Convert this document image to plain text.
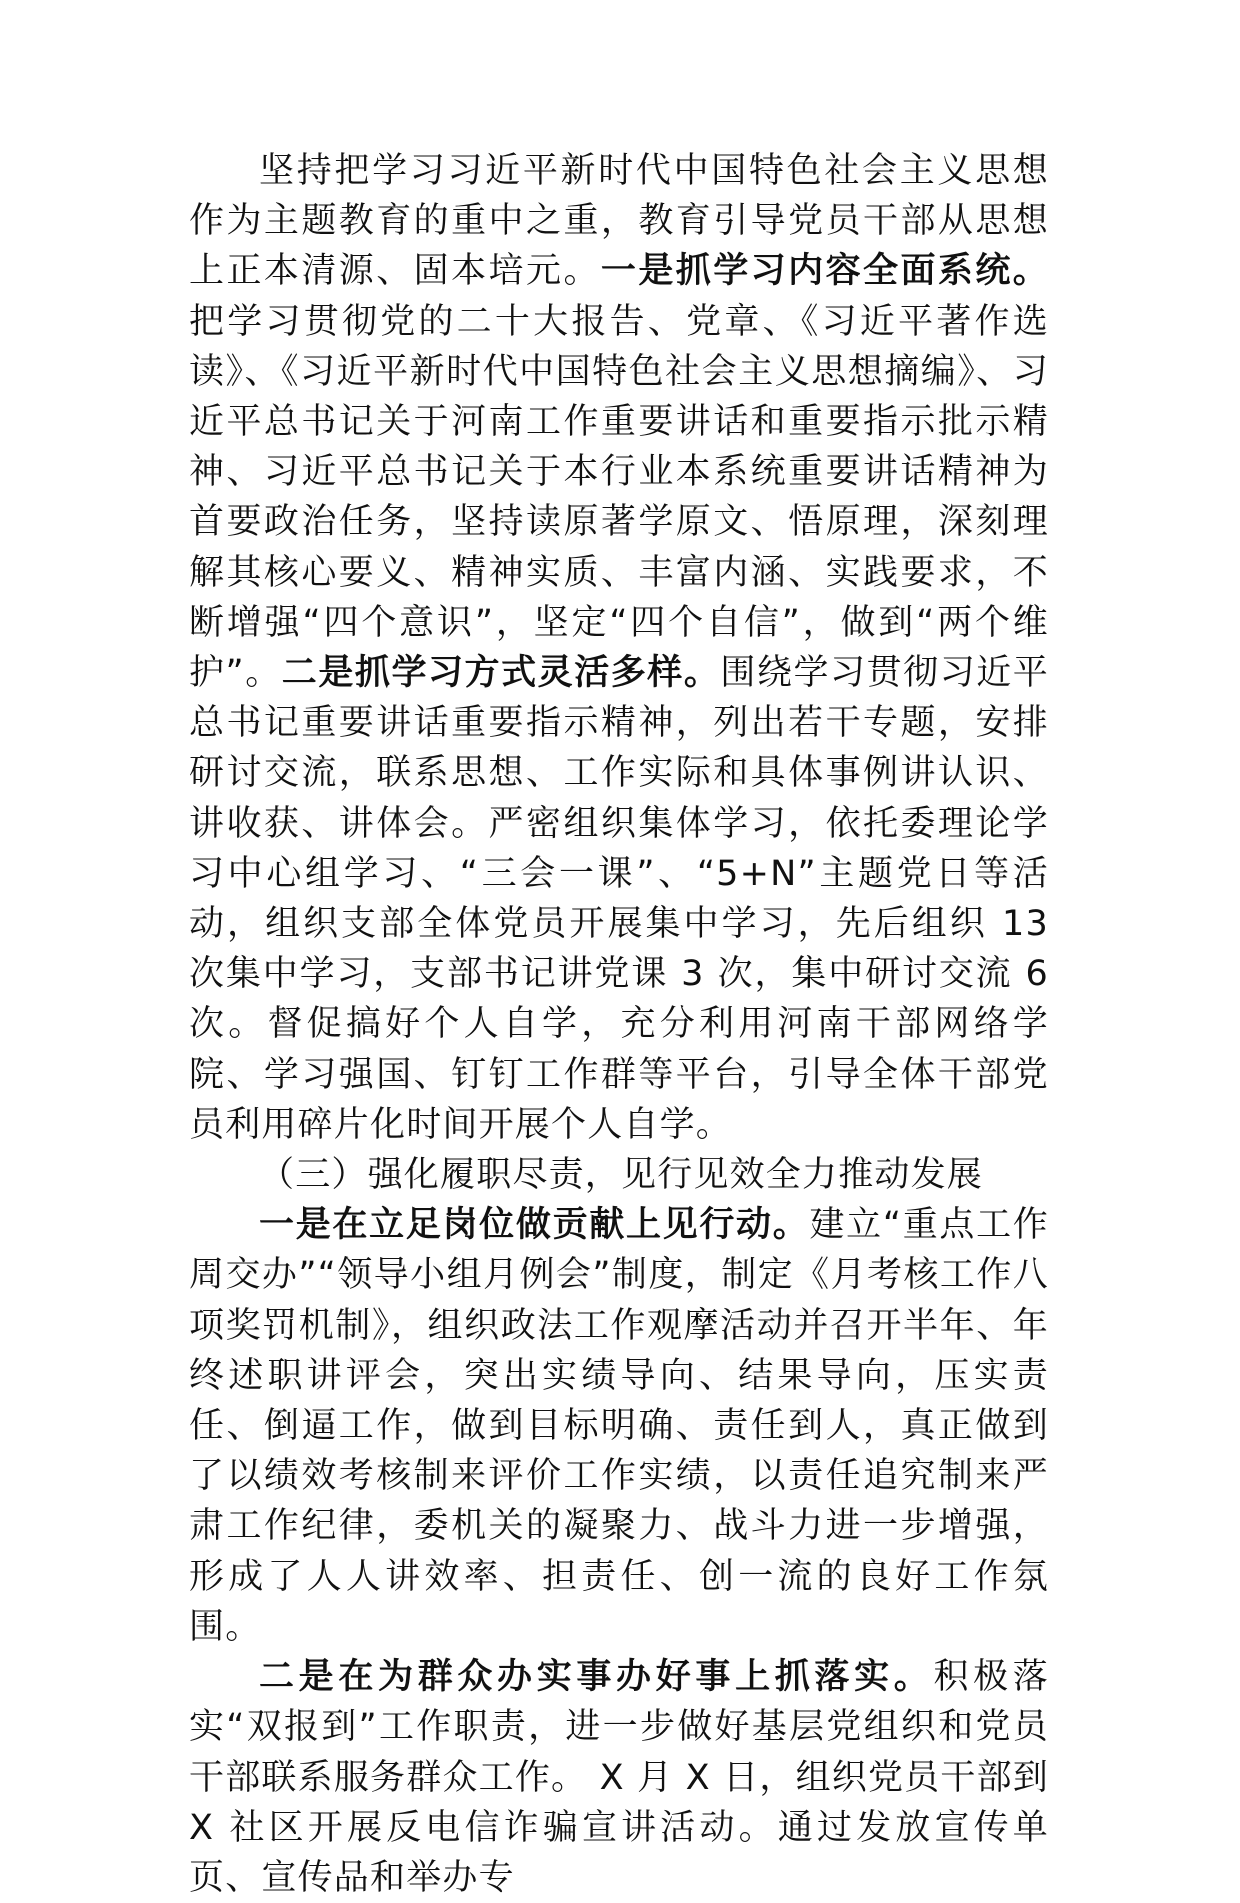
坚持把学习习近平新时代中国特色社会主义思想作为主题教育的重中之重，教育引导党员干部从思想上正本清源、固本培元。一是抓学习内容全面系统。把学习贯彻党的二十大报告、党章、《习近平著作选读》、《习近平新时代中国特色社会主义思想摘编》、习近平总书记关于河南工作重要讲话和重要指示批示精神、习近平总书记关于本行业本系统重要讲话精神为首要政治任务，坚持读原著学原文、悟原理，深刻理解其核心要义、精神实质、丰富内涵、实践要求，不断增强“四个意识”，坚定“四个自信”，做到“两个维护”。二是抓学习方式灵活多样。围绕学习贯彻习近平总书记重要讲话重要指示精神，列出若干专题，安排研讨交流，联系思想、工作实际和具体事例讲认识、讲收获、讲体会。严密组织集体学习，依托委理论学习中心组学习、“三会一课”、“5+N”主题党日等活动，组织支部全体党员开展集中学习，先后组织 13 次集中学习，支部书记讲党课 3 次，集中研讨交流 6 次。督促搞好个人自学，充分利用河南干部网络学院、学习强国、钉钉工作群等平台，引导全体干部党员利用碎片化时间开展个人自学。

（三）强化履职尽责，见行见效全力推动发展

一是在立足岗位做贡献上见行动。建立“重点工作周交办”“领导小组月例会”制度，制定《月考核工作八项奖罚机制》，组织政法工作观摩活动并召开半年、年终述职讲评会，突出实绩导向、结果导向，压实责任、倒逼工作，做到目标明确、责任到人，真正做到了以绩效考核制来评价工作实绩，以责任追究制来严肃工作纪律，委机关的凝聚力、战斗力进一步增强，形成了人人讲效率、担责任、创一流的良好工作氛围。

二是在为群众办实事办好事上抓落实。积极落实“双报到”工作职责，进一步做好基层党组织和党员干部联系服务群众工作。 X 月 X 日，组织党员干部到 X 社区开展反电信诈骗宣讲活动。通过发放宣传单页、宣传品和举办专
